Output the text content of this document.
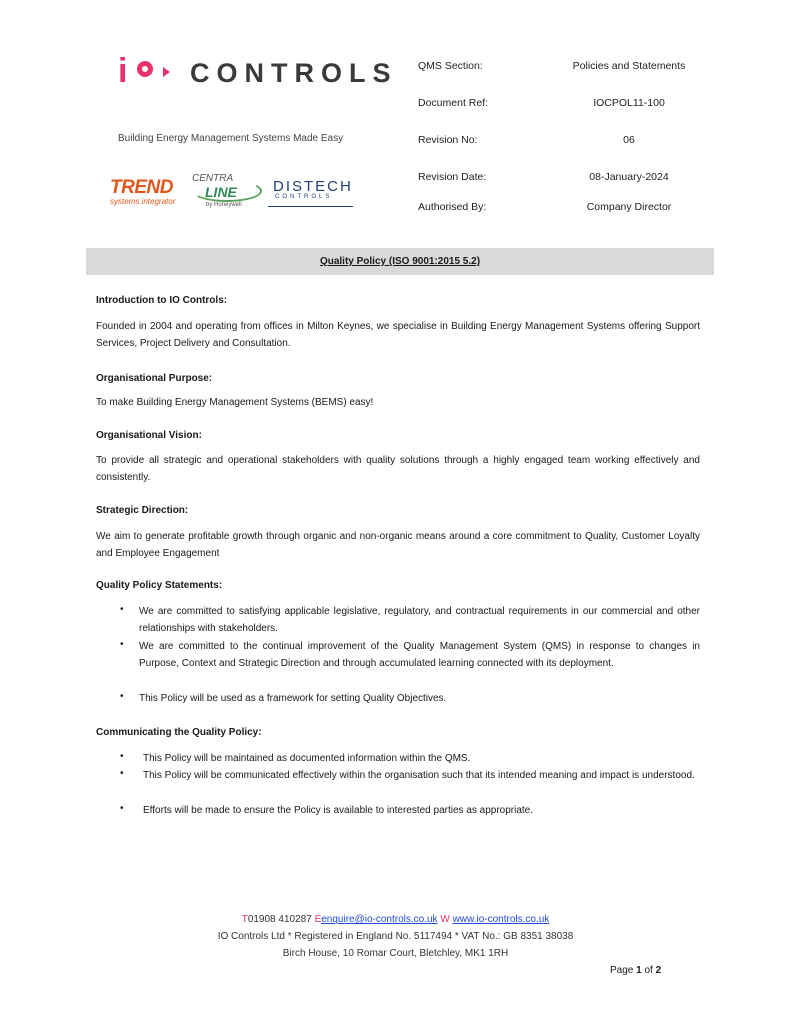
i CONTROLS
Building Energy Management Systems Made Easy
TREND
systems integrator
CENTRA
LINE
by Honeywell
DISTECH
CONTROLS
QMS Section:	Policies and Statements
Document Ref:	IOCPOL11-100
Revision No:	06
Revision Date:	08-January-2024
Authorised By:	Company Director
Quality Policy (ISO 9001:2015 5.2)
Introduction to IO Controls:
Founded in 2004 and operating from offices in Milton Keynes, we specialise in Building Energy Management Systems offering Support Services, Project Delivery and Consultation.
Organisational Purpose:
To make Building Energy Management Systems (BEMS) easy!
Organisational Vision:
To provide all strategic and operational stakeholders with quality solutions through a highly engaged team working effectively and consistently.
Strategic Direction:
We aim to generate profitable growth through organic and non-organic means around a core commitment to Quality, Customer Loyalty and Employee Engagement
Quality Policy Statements:
• We are committed to satisfying applicable legislative, regulatory, and contractual requirements in our commercial and other relationships with stakeholders.
• We are committed to the continual improvement of the Quality Management System (QMS) in response to changes in Purpose, Context and Strategic Direction and through accumulated learning connected with its deployment.
• This Policy will be used as a framework for setting Quality Objectives.
Communicating the Quality Policy:
• This Policy will be maintained as documented information within the QMS.
• This Policy will be communicated effectively within the organisation such that its intended meaning and impact is understood.
• Efforts will be made to ensure the Policy is available to interested parties as appropriate.
T01908 410287 Eenquire@io-controls.co.uk W www.io-controls.co.uk
IO Controls Ltd * Registered in England No. 5117494 * VAT No.: GB 8351 38038
Birch House, 10 Romar Court, Bletchley, MK1 1RH
Page 1 of 2
